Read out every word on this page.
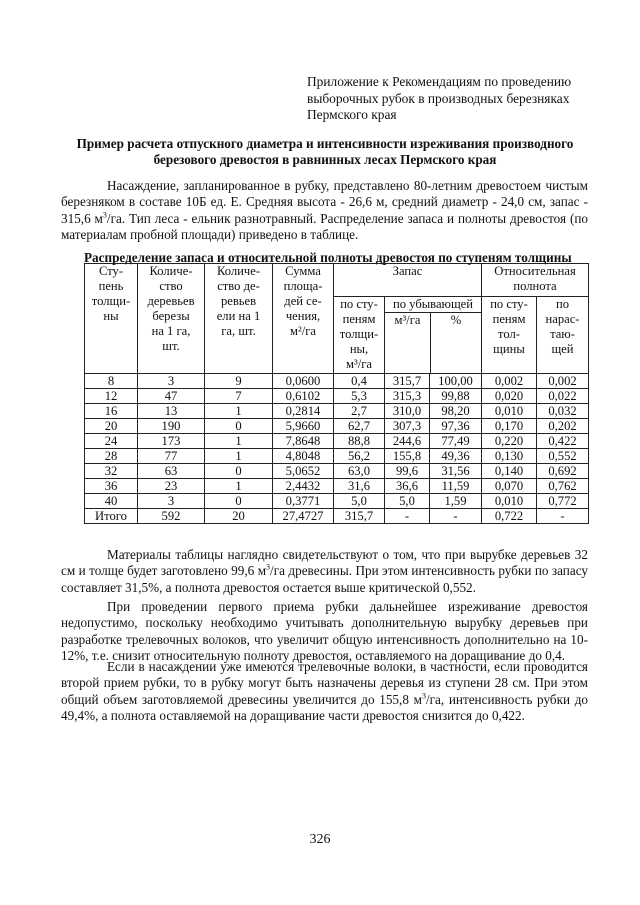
Приложение к Рекомендациям по проведению
выборочных рубок в производных березняках
Пермского края
Пример расчета отпускного диаметра и интенсивности изреживания производного
березового древостоя в равнинных лесах Пермского края
Насаждение, запланированное в рубку, представлено 80-летним древостоем чистым березняком в составе 10Б ед. Е. Средняя высота - 26,6 м, средний диаметр - 24,0 см, запас - 315,6 $м^3/га$. Тип леса - ельник разнотравный. Распределение запаса и полноты древостоя (по материалам пробной площади) приведено в таблице.
Распределение запаса и относительной полноты древостоя по ступеням толщины
Сту-
пень
толщи-
ны

Количе-
ство
деревьев
березы
на 1 га,
шт.

Количе-
ство де-
ревьев
ели на 1
га, шт.

Сумма
площа-
дей се-
чения,
м²/га
	Запас	Относительная
полнота

по сту-
пеням
толщи-
ны,
м³/га

по убывающей
м³/га	%

по сту-
пеням
тол-
щины

по
нарас-
таю-
щей

8	3	9	0,0600	0,4	315,7	100,00	0,002	0,002
12	47	7	0,6102	5,3	315,3	99,88	0,020	0,022
16	13	1	0,2814	2,7	310,0	98,20	0,010	0,032
20	190	0	5,9660	62,7	307,3	97,36	0,170	0,202
24	173	1	7,8648	88,8	244,6	77,49	0,220	0,422
28	77	1	4,8048	56,2	155,8	49,36	0,130	0,552
32	63	0	5,0652	63,0	99,6	31,56	0,140	0,692
36	23	1	2,4432	31,6	36,6	11,59	0,070	0,762
40	3	0	0,3771	5,0	5,0	1,59	0,010	0,772
Итого	592	20	27,4727	315,7	-	-	0,722	-
Материалы таблицы наглядно свидетельствуют о том, что при вырубке деревьев 32 см и толще будет заготовлено 99,6 $м^3/га$ древесины. При этом интенсивность рубки по запасу составляет 31,5%, а полнота древостоя остается выше критической 0,552.
При проведении первого приема рубки дальнейшее изреживание древостоя недопустимо, поскольку необходимо учитывать дополнительную вырубку деревьев при разработке трелевочных волоков, что увеличит общую интенсивность дополнительно на 10-12%, т.е. снизит относительную полноту древостоя, оставляемого на доращивание до 0,4.
Если в насаждении уже имеются трелевочные волоки, в частности, если проводится второй прием рубки, то в рубку могут быть назначены деревья из ступени 28 см. При этом общий объем заготовляемой древесины увеличится до 155,8 $м^3/га$, интенсивность рубки до 49,4%, а полнота оставляемой на доращивание части древостоя снизится до 0,422.
326
